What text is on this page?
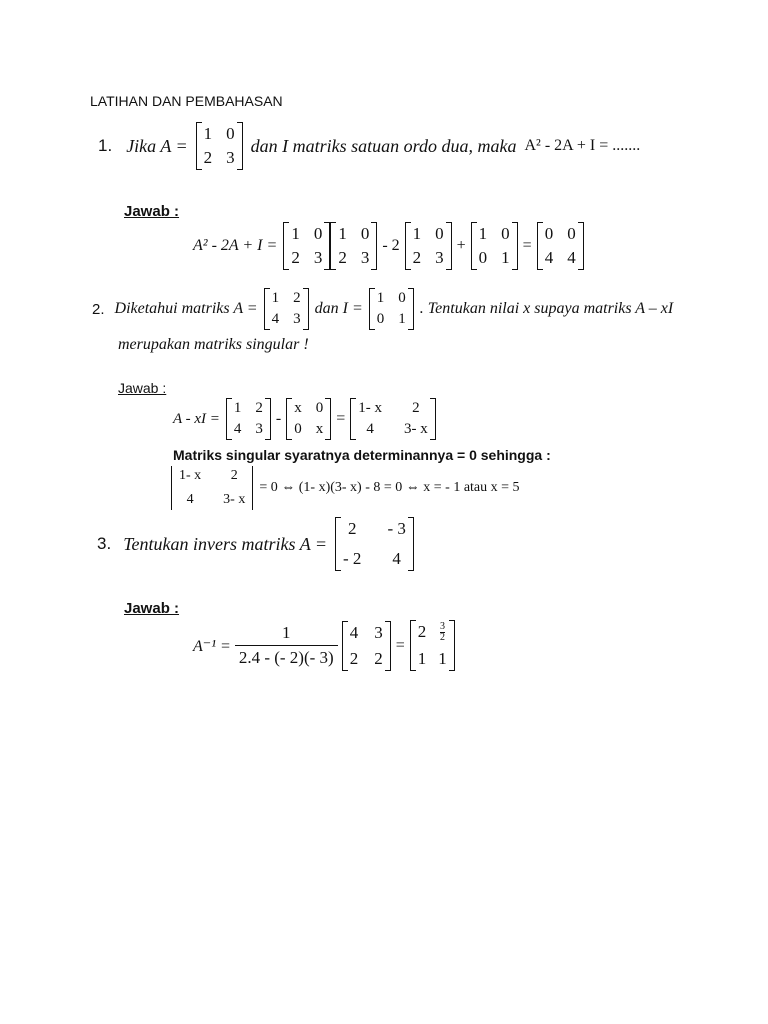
LATIHAN DAN PEMBAHASAN
1. Jika A =
1 0
2 3
dan I matriks satuan ordo dua, maka A² - 2A + I = .......
Jawab :
A² - 2A + I =
1 0
2 3
1 0
2 3
- 2
1 0
2 3
+
1 0
0 1
=
0 0
4 4
2. Diketahui matriks A =
1 2
4 3
dan I =
1 0
0 1
. Tentukan nilai x supaya matriks A – xI
merupakan matriks singular !
Jawab :
A - xI =
1 2
4 3
-
x 0
0 x
=
1- x	2
4	3- x
Matriks singular syaratnya determinannya = 0 sehingga :
1- x	2
4	3- x
= 0 ⇔ (1- x)(3- x) - 8 = 0 ⇔ x = - 1 atau x = 5
3. Tentukan invers matriks A =
2 - 3
- 2 4
Jawab :
$A^{-1} = \frac{1}{2.4 - (- 2)(- 3)} 4$ 3
2 2
=
$2 \frac{3}{2}$
1 1
